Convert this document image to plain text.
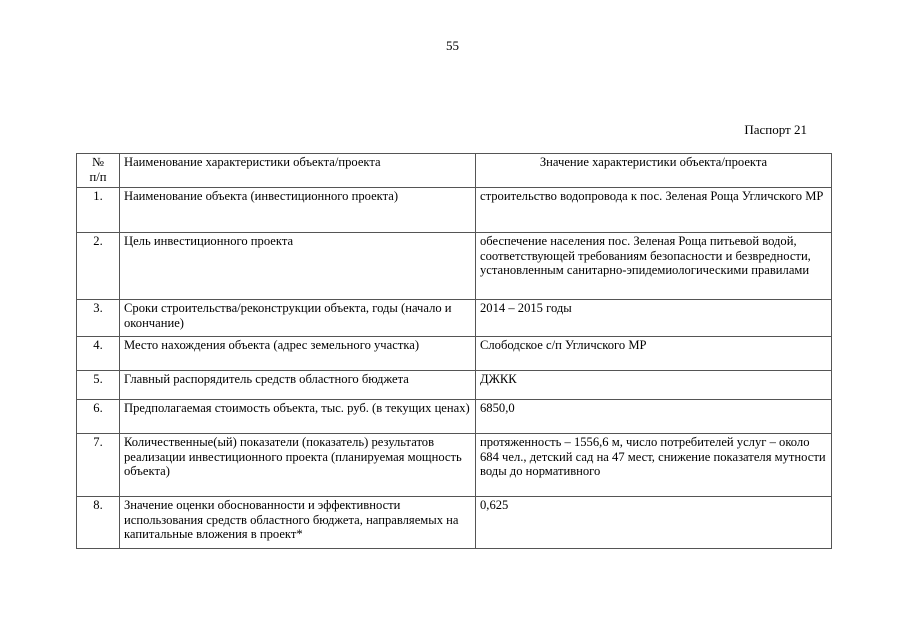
55
Паспорт 21
№
п/п	Наименование характеристики объекта/проекта	Значение характеристики объекта/проекта
1.	Наименование объекта (инвестиционного проекта)	строительство водопровода к пос. Зеленая Роща Угличского МР
2.	Цель инвестиционного проекта	обеспечение населения пос. Зеленая Роща питьевой водой, соответствующей требованиям безопасности и безвредности, установленным санитарно-эпидемиологическими правилами
3.	Сроки строительства/реконструкции объекта, годы (начало и окончание)	2014 – 2015 годы
4.	Место нахождения объекта (адрес земельного участка)	Слободское с/п Угличского МР
5.	Главный распорядитель средств областного бюджета	ДЖКК
6.	Предполагаемая стоимость объекта, тыс. руб. (в текущих ценах)	6850,0
7.	Количественные(ый) показатели (показатель) результатов реализации инвестиционного проекта (планируемая мощность объекта)	протяженность – 1556,6 м, число потребителей услуг – около 684 чел., детский сад на 47 мест, снижение показателя мутности воды до нормативного
8.	Значение оценки обоснованности и эффективности использования средств областного бюджета, направляемых на капитальные вложения в проект*	0,625
